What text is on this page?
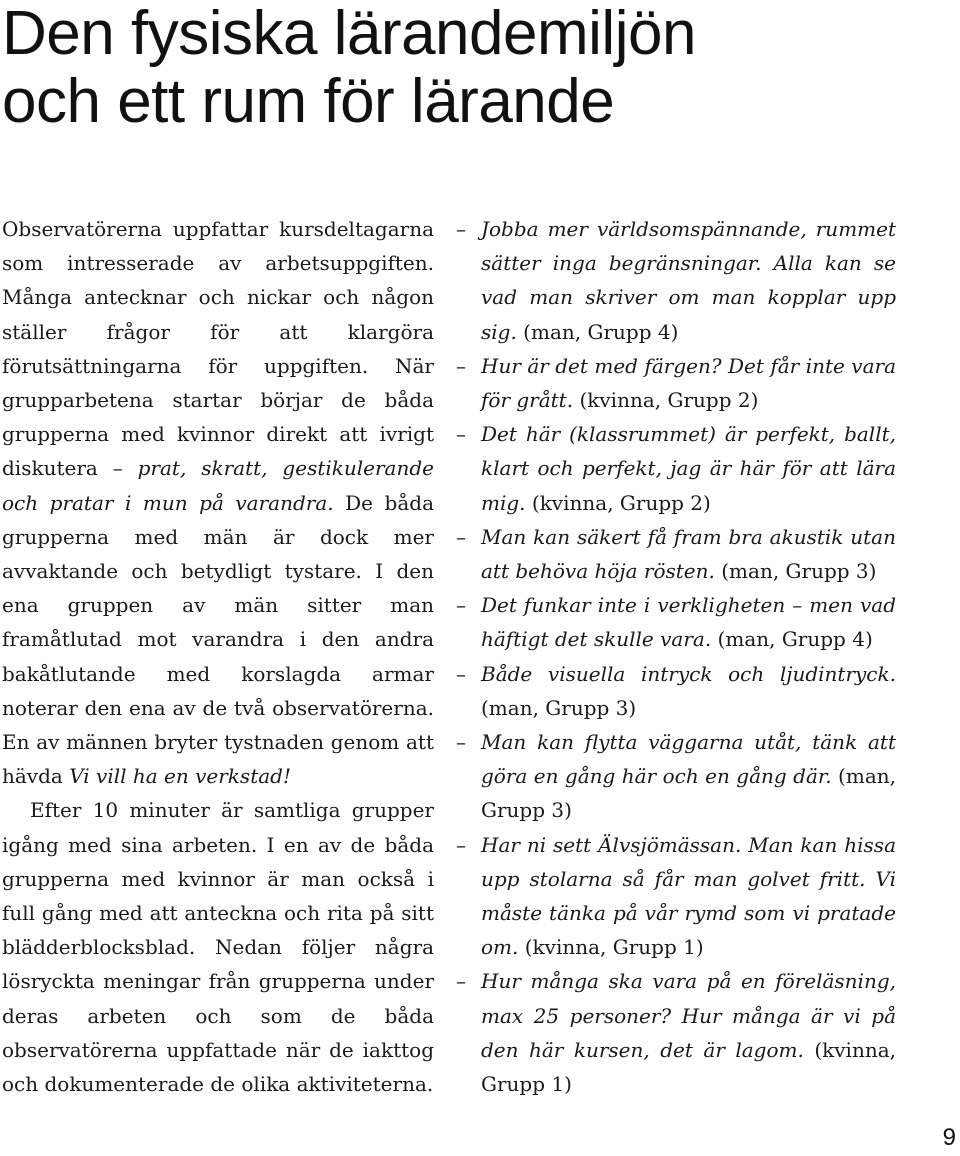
Den fysiska lärandemiljön
och ett rum för lärande

Observatörerna uppfattar kursdeltagarna som intresserade av arbetsuppgiften. Många antecknar och nickar och någon ställer frågor för att klargöra förutsättningarna för uppgiften. När grupparbetena startar börjar de båda grupperna med kvinnor direkt att ivrigt diskutera – prat, skratt, gestikulerande och pratar i mun på varandra. De båda grupperna med män är dock mer avvaktande och betydligt tystare. I den ena gruppen av män sitter man framåtlutad mot varandra i den andra bakåtlutande med korslagda armar noterar den ena av de två observatörerna. En av männen bryter tystnaden genom att hävda Vi vill ha en verkstad!

Efter 10 minuter är samtliga grupper igång med sina arbeten. I en av de båda grupperna med kvinnor är man också i full gång med att anteckna och rita på sitt blädderblocksblad. Nedan följer några lösryckta meningar från grupperna under deras arbeten och som de båda observatörerna uppfattade när de iakttog och dokumenterade de olika aktiviteterna.

– Jobba mer världsomspännande, rummet sätter inga begränsningar. Alla kan se vad man skriver om man kopplar upp sig. (man, Grupp 4)

– Hur är det med färgen? Det får inte vara för grått. (kvinna, Grupp 2)

– Det här (klassrummet) är perfekt, ballt, klart och perfekt, jag är här för att lära mig. (kvinna, Grupp 2)

– Man kan säkert få fram bra akustik utan att behöva höja rösten. (man, Grupp 3)

– Det funkar inte i verkligheten – men vad häftigt det skulle vara. (man, Grupp 4)

– Både visuella intryck och ljudintryck. (man, Grupp 3)

– Man kan flytta väggarna utåt, tänk att göra en gång här och en gång där. (man, Grupp 3)

– Har ni sett Älvsjömässan. Man kan hissa upp stolarna så får man golvet fritt. Vi måste tänka på vår rymd som vi pratade om. (kvinna, Grupp 1)

– Hur många ska vara på en föreläsning, max 25 personer? Hur många är vi på den här kursen, det är lagom. (kvinna, Grupp 1)

9
